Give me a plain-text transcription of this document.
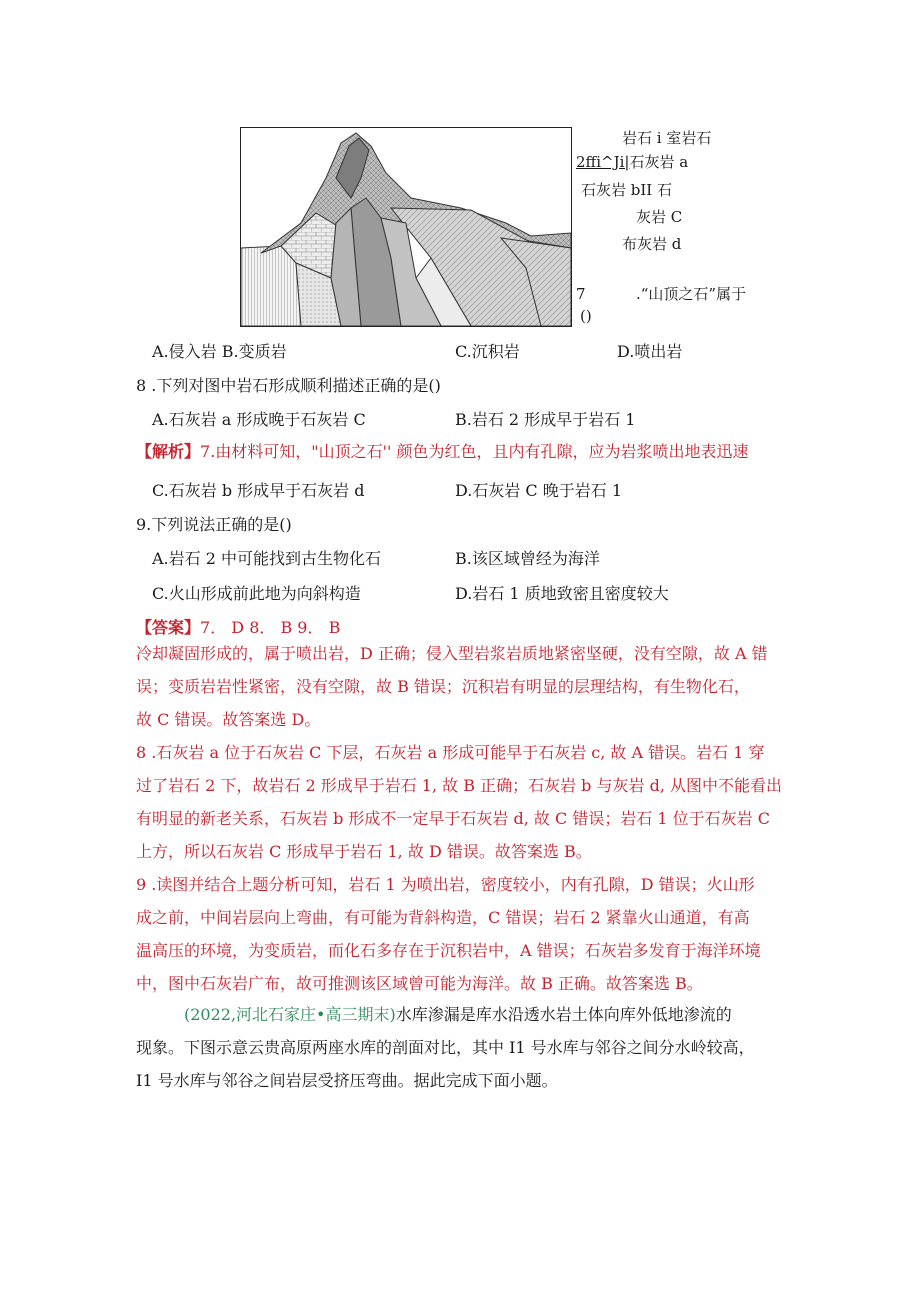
岩石 i 室岩石
2ffi^Ji|石灰岩 a
石灰岩 bII 石
灰岩 C
布灰岩 d
7	.“山顶之石”属于
()
A.侵入岩 B.变质岩	C.沉积岩	D.喷出岩
8 .下列对图中岩石形成顺利描述正确的是()
A.石灰岩 a 形成晚于石灰岩 C	B.岩石 2 形成早于岩石 1
【解析】7.由材料可知，"山顶之石'' 颜色为红色，且内有孔隙，应为岩浆喷出地表迅速
C.石灰岩 b 形成早于石灰岩 d	D.石灰岩 C 晚于岩石 1
9.下列说法正确的是()
A.岩石 2 中可能找到古生物化石	B.该区域曾经为海洋
C.火山形成前此地为向斜构造	D.岩石 1 质地致密且密度较大
【答案】7． D 8． B 9． B
冷却凝固形成的，属于喷出岩，D 正确；侵入型岩浆岩质地紧密坚硬，没有空隙，故 A 错
误；变质岩岩性紧密，没有空隙，故 B 错误；沉积岩有明显的层理结构，有生物化石，
故 C 错误。故答案选 D。
8 .石灰岩 a 位于石灰岩 C 下层，石灰岩 a 形成可能早于石灰岩 c, 故 A 错误。岩石 1 穿
过了岩石 2 下，故岩石 2 形成早于岩石 1, 故 B 正确；石灰岩 b 与灰岩 d, 从图中不能看出
有明显的新老关系，石灰岩 b 形成不一定早于石灰岩 d, 故 C 错误；岩石 1 位于石灰岩 C
上方，所以石灰岩 C 形成早于岩石 1, 故 D 错误。故答案选 B。
9 .读图并结合上题分析可知，岩石 1 为喷出岩，密度较小，内有孔隙，D 错误；火山形
成之前，中间岩层向上弯曲，有可能为背斜构造，C 错误；岩石 2 紧靠火山通道，有高
温高压的环境，为变质岩，而化石多存在于沉积岩中，A 错误；石灰岩多发育于海洋环境
中，图中石灰岩广布，故可推测该区域曾可能为海洋。故 B 正确。故答案选 B。
(2022,河北石家庄•高三期末)水库渗漏是库水沿透水岩土体向库外低地渗流的
现象。下图示意云贵高原两座水库的剖面对比，其中 I1 号水库与邻谷之间分水岭较高，
I1 号水库与邻谷之间岩层受挤压弯曲。据此完成下面小题。
